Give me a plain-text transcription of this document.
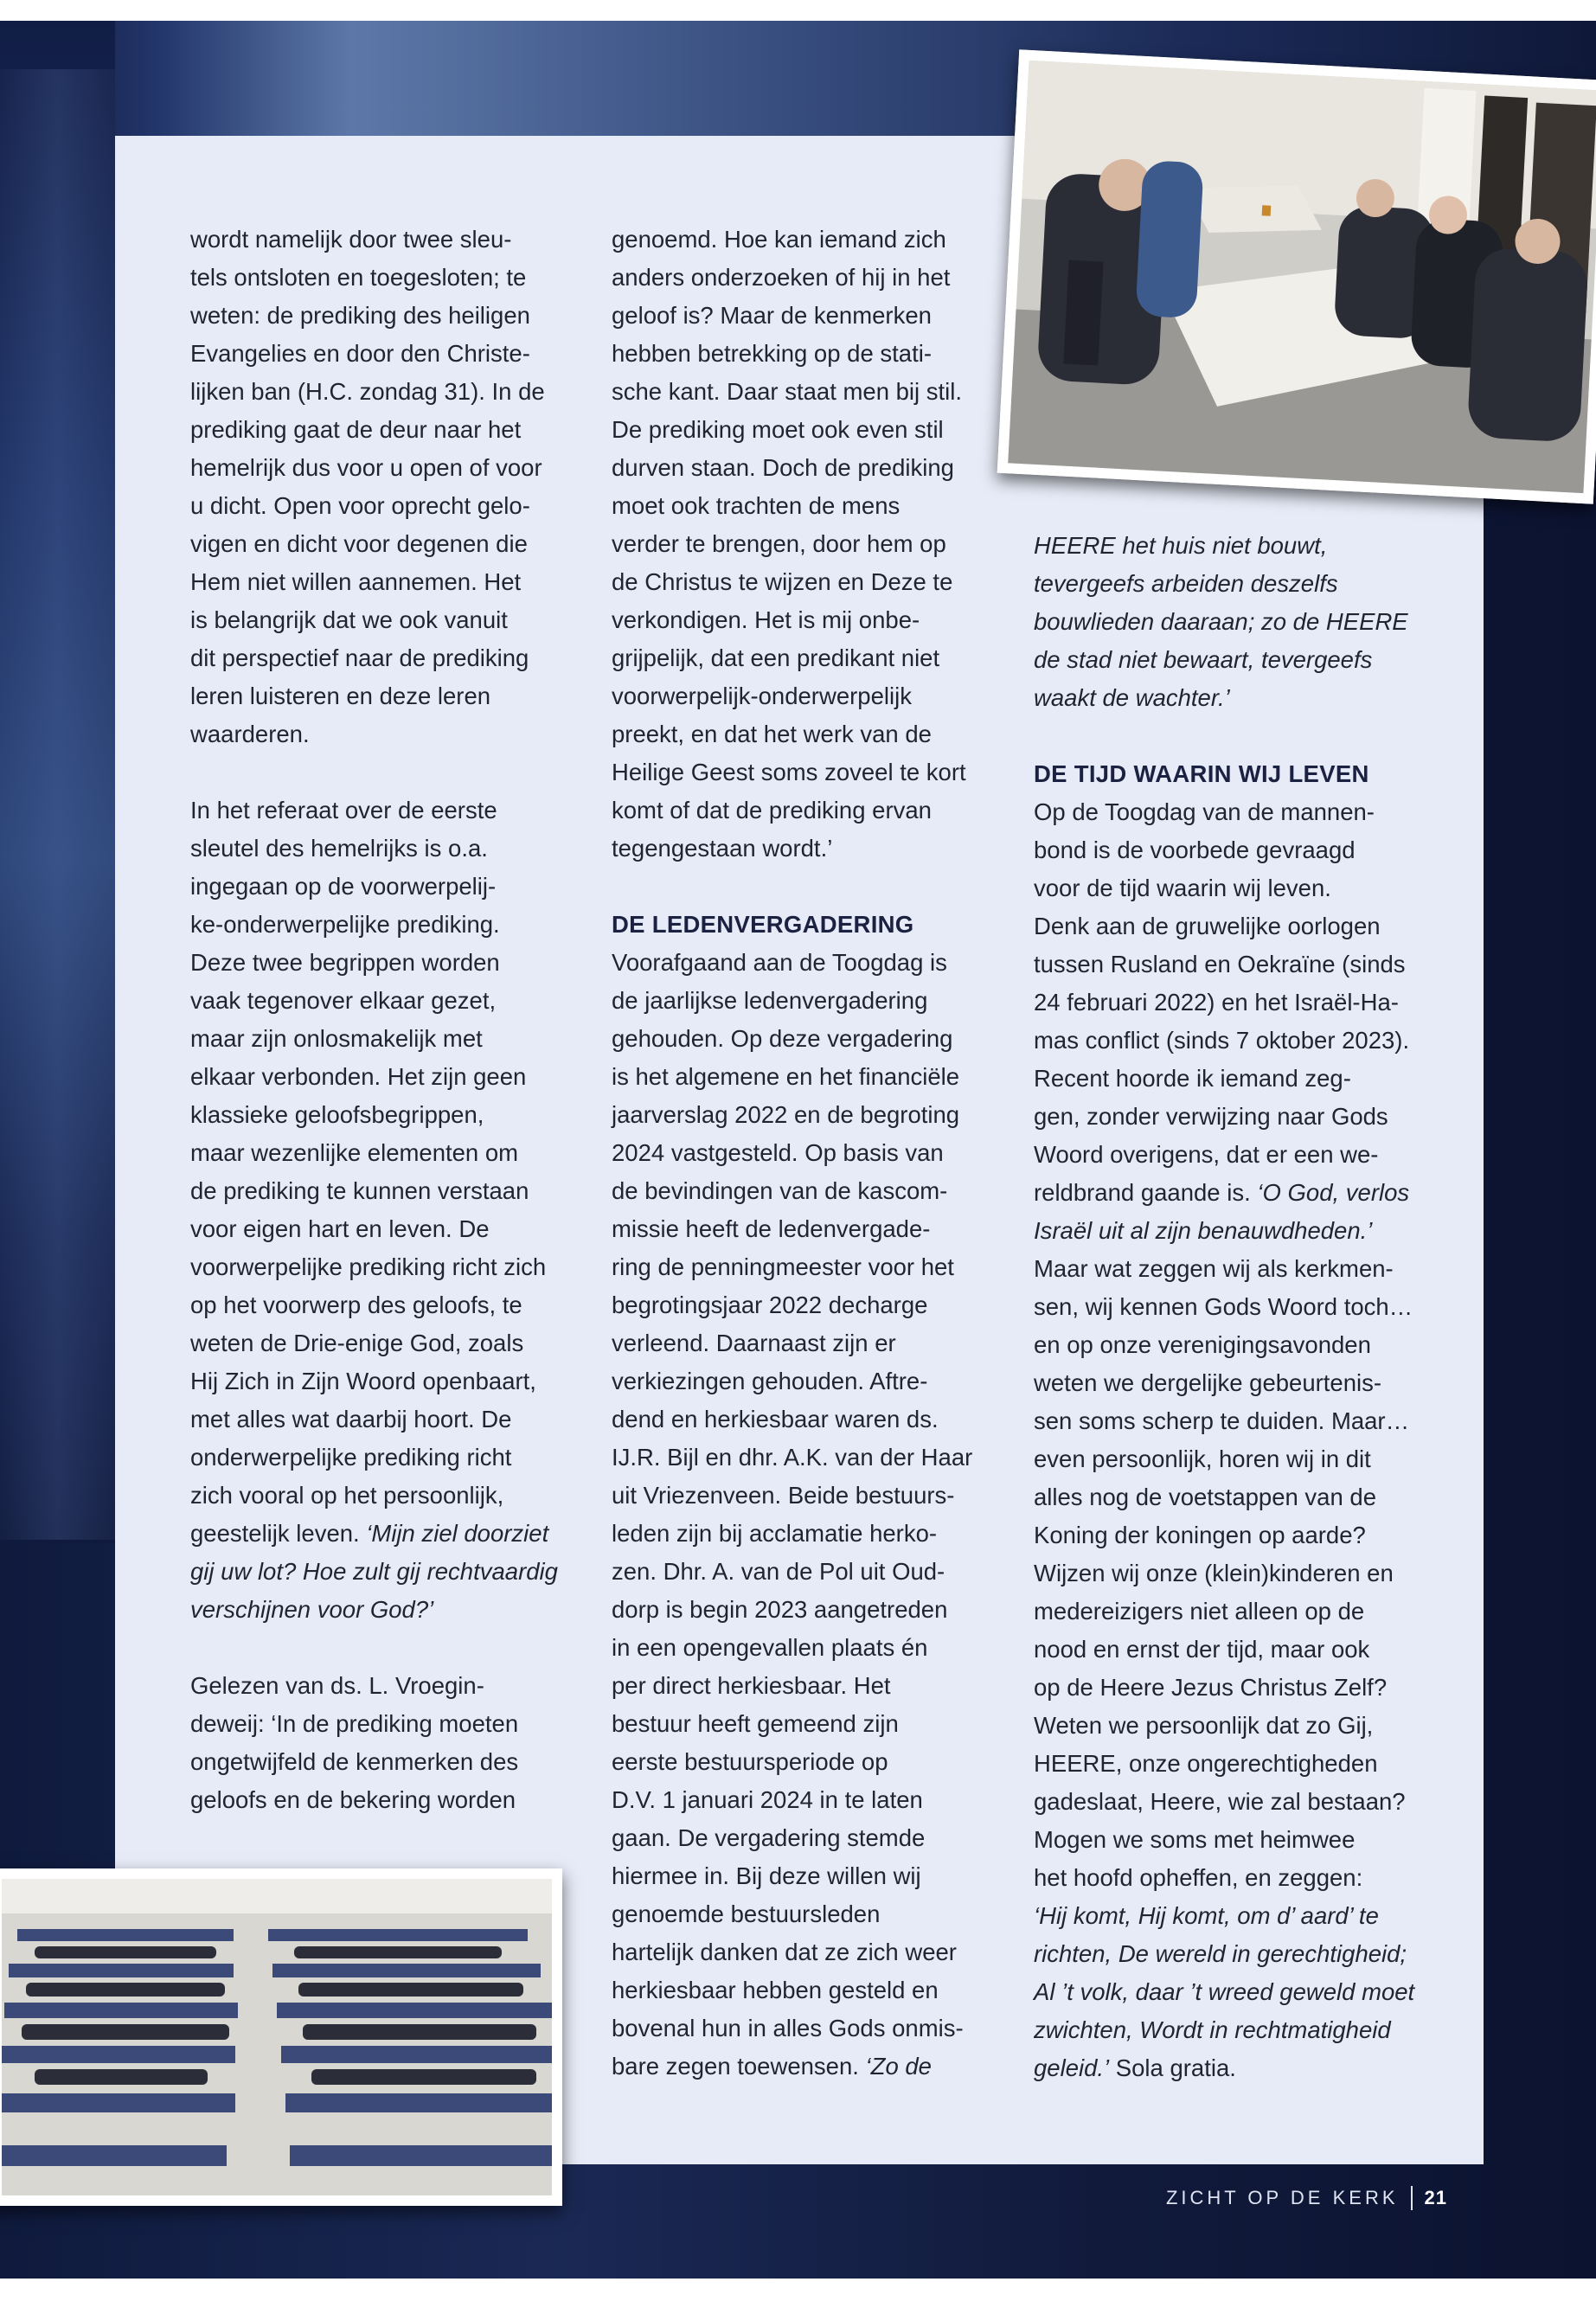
wordt namelijk door twee sleu-

tels ontsloten en toegesloten; te

weten: de prediking des heiligen

Evangelies en door den Christe-

lijken ban (H.C. zondag 31). In de

prediking gaat de deur naar het

hemelrijk dus voor u open of voor

u dicht. Open voor oprecht gelo-

vigen en dicht voor degenen die

Hem niet willen aannemen. Het

is belangrijk dat we ook vanuit

dit perspectief naar de prediking

leren luisteren en deze leren

waarderen.

In het referaat over de eerste

sleutel des hemelrijks is o.a.

ingegaan op de voorwerpelij-

ke-onderwerpelijke prediking.

Deze twee begrippen worden

vaak tegenover elkaar gezet,

maar zijn onlosmakelijk met

elkaar verbonden. Het zijn geen

klassieke geloofsbegrippen,

maar wezenlijke elementen om

de prediking te kunnen verstaan

voor eigen hart en leven. De

voorwerpelijke prediking richt zich

op het voorwerp des geloofs, te

weten de Drie-enige God, zoals

Hij Zich in Zijn Woord openbaart,

met alles wat daarbij hoort. De

onderwerpelijke prediking richt

zich vooral op het persoonlijk,

geestelijk leven. ‘Mijn ziel doorziet

gij uw lot? Hoe zult gij rechtvaardig

verschijnen voor God?’

Gelezen van ds. L. Vroegin-

deweij: ‘In de prediking moeten

ongetwijfeld de kenmerken des

geloofs en de bekering worden

genoemd. Hoe kan iemand zich

anders onderzoeken of hij in het

geloof is? Maar de kenmerken

hebben betrekking op de stati-

sche kant. Daar staat men bij stil.

De prediking moet ook even stil

durven staan. Doch de prediking

moet ook trachten de mens

verder te brengen, door hem op

de Christus te wijzen en Deze te

verkondigen. Het is mij onbe-

grijpelijk, dat een predikant niet

voorwerpelijk-onderwerpelijk

preekt, en dat het werk van de

Heilige Geest soms zoveel te kort

komt of dat de prediking ervan

tegengestaan wordt.’

DE LEDENVERGADERING

Voorafgaand aan de Toogdag is

de jaarlijkse ledenvergadering

gehouden. Op deze vergadering

is het algemene en het financiële

jaarverslag 2022 en de begroting

2024 vastgesteld. Op basis van

de bevindingen van de kascom-

missie heeft de ledenvergade-

ring de penningmeester voor het

begrotingsjaar 2022 decharge

verleend. Daarnaast zijn er

verkiezingen gehouden. Aftre-

dend en herkiesbaar waren ds.

IJ.R. Bijl en dhr. A.K. van der Haar

uit Vriezenveen. Beide bestuurs-

leden zijn bij acclamatie herko-

zen. Dhr. A. van de Pol uit Oud-

dorp is begin 2023 aangetreden

in een opengevallen plaats én

per direct herkiesbaar. Het

bestuur heeft gemeend zijn

eerste bestuursperiode op

D.V. 1 januari 2024 in te laten

gaan. De vergadering stemde

hiermee in. Bij deze willen wij

genoemde bestuursleden

hartelijk danken dat ze zich weer

herkiesbaar hebben gesteld en

bovenal hun in alles Gods onmis-

bare zegen toewensen. ‘Zo de

HEERE het huis niet bouwt,

tevergeefs arbeiden deszelfs

bouwlieden daaraan; zo de HEERE

de stad niet bewaart, tevergeefs

waakt de wachter.’

DE TIJD WAARIN WIJ LEVEN

Op de Toogdag van de mannen-

bond is de voorbede gevraagd

voor de tijd waarin wij leven.

Denk aan de gruwelijke oorlogen

tussen Rusland en Oekraïne (sinds

24 februari 2022) en het Israël-Ha-

mas conflict (sinds 7 oktober 2023).

Recent hoorde ik iemand zeg-

gen, zonder verwijzing naar Gods

Woord overigens, dat er een we-

reldbrand gaande is. ‘O God, verlos

Israël uit al zijn benauwdheden.’

Maar wat zeggen wij als kerkmen-

sen, wij kennen Gods Woord toch…

en op onze verenigingsavonden

weten we dergelijke gebeurtenis-

sen soms scherp te duiden. Maar…

even persoonlijk, horen wij in dit

alles nog de voetstappen van de

Koning der koningen op aarde?

Wijzen wij onze (klein)kinderen en

medereizigers niet alleen op de

nood en ernst der tijd, maar ook

op de Heere Jezus Christus Zelf?

Weten we persoonlijk dat zo Gij,

HEERE, onze ongerechtigheden

gadeslaat, Heere, wie zal bestaan?

Mogen we soms met heimwee

het hoofd opheffen, en zeggen:

‘Hij komt, Hij komt, om d’ aard’ te

richten, De wereld in gerechtigheid;

Al ’t volk, daar ’t wreed geweld moet

zwichten, Wordt in rechtmatigheid

geleid.’ Sola gratia.

ZICHT OP DE KERK 21
